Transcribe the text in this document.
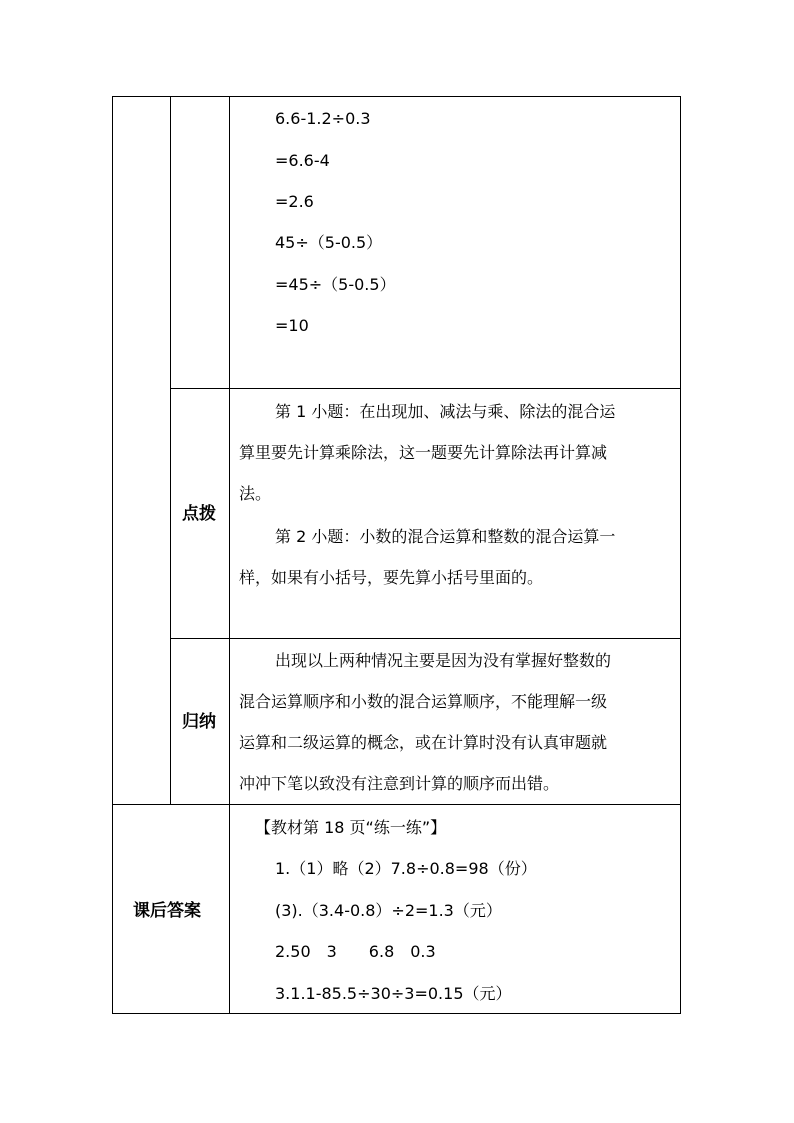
6.6-1.2÷0.3
=6.6-4
=2.6
45÷（5-0.5）
=45÷（5-0.5）
=10
点拨
第 1 小题：在出现加、减法与乘、除法的混合运
算里要先计算乘除法，这一题要先计算除法再计算减
法。
第 2 小题：小数的混合运算和整数的混合运算一
样，如果有小括号，要先算小括号里面的。
归纳
出现以上两种情况主要是因为没有掌握好整数的
混合运算顺序和小数的混合运算顺序，不能理解一级
运算和二级运算的概念，或在计算时没有认真审题就
冲冲下笔以致没有注意到计算的顺序而出错。
课后答案
【教材第 18 页“练一练”】
1.（1）略（2）7.8÷0.8=98（份）
(3).（3.4-0.8）÷2=1.3（元）
2.50　3　　6.8　0.3
3.1.1-85.5÷30÷3=0.15（元）
